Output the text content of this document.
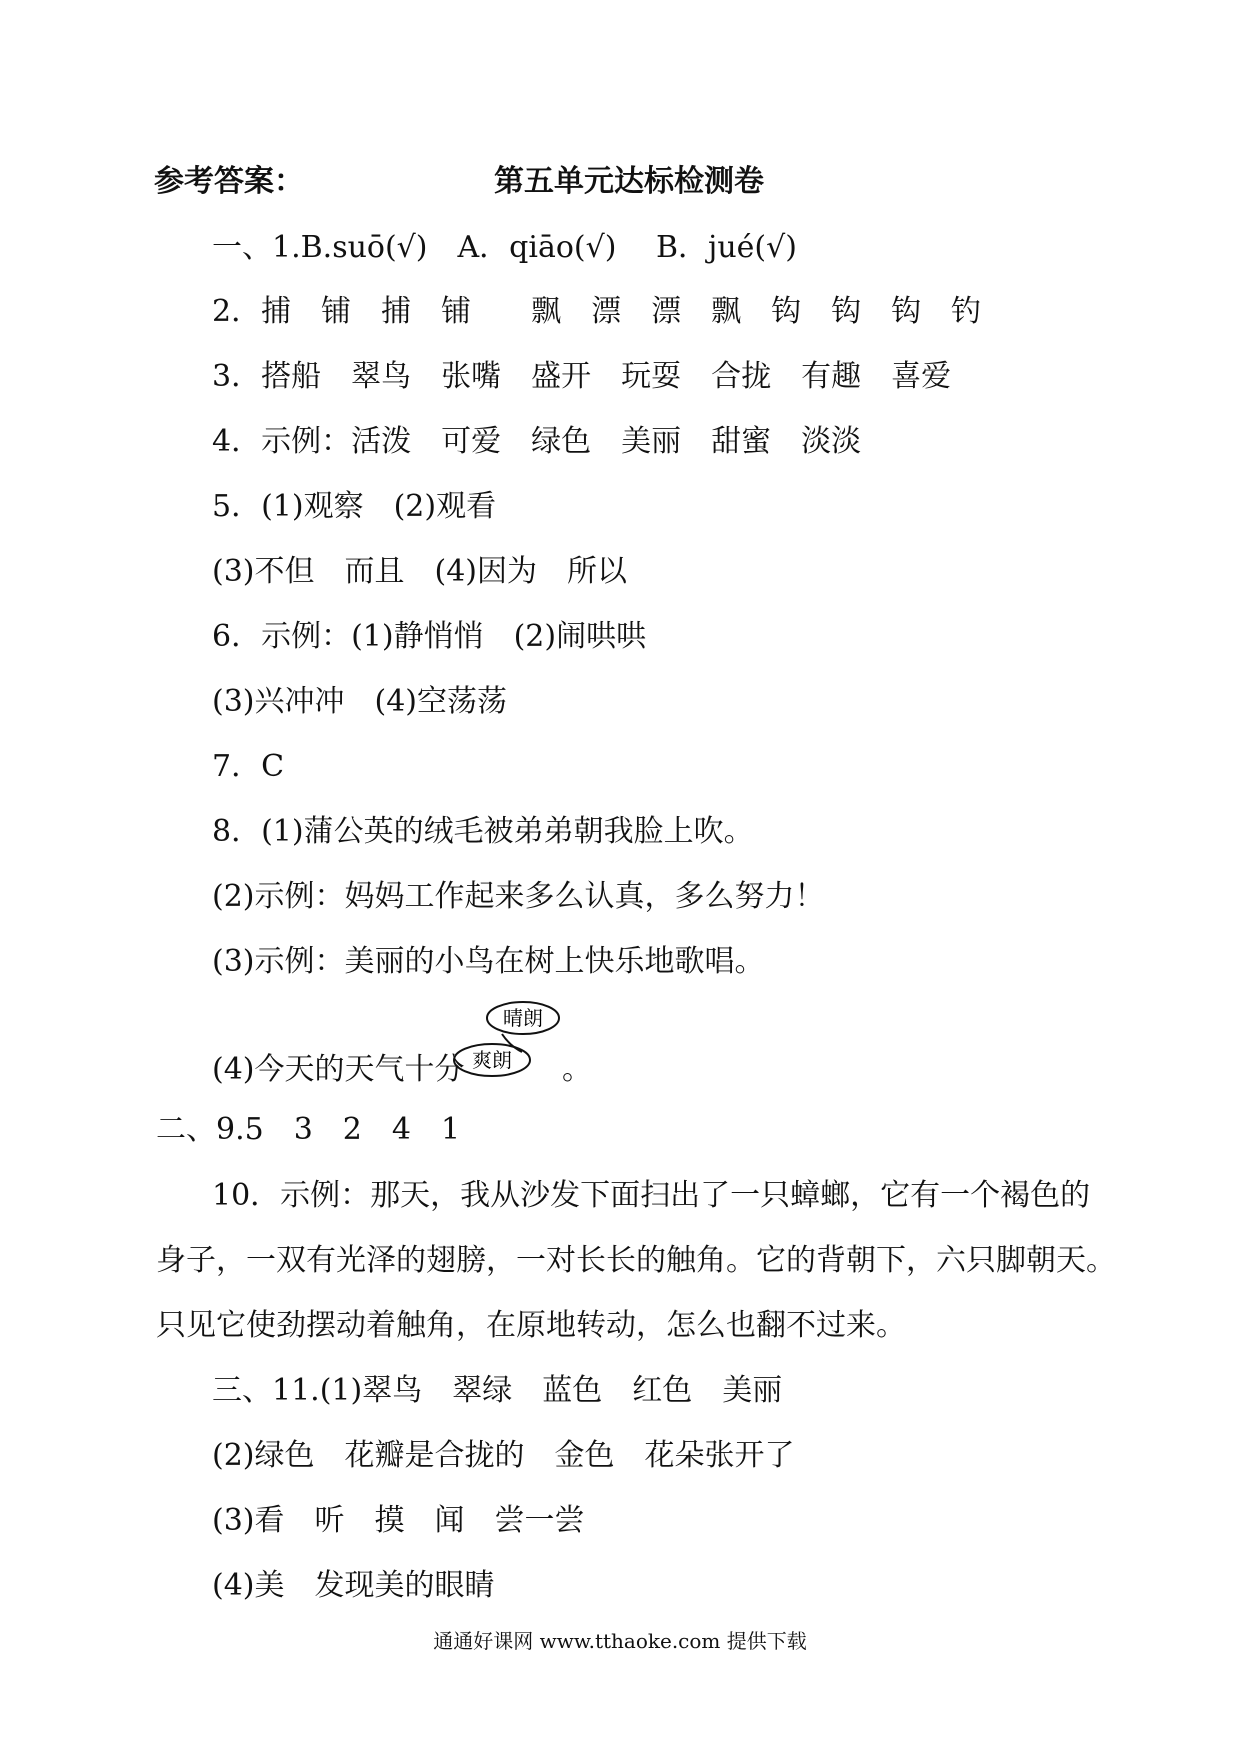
参考答案：	第五单元达标检测卷
一、1.B.suō(√)　A．qiāo(√)　 B．jué(√)
2．捕　铺　捕　铺　　飘　漂　漂　飘　钩　钩　钩　钓
3．搭船　翠鸟　张嘴　盛开　玩耍　合拢　有趣　喜爱
4．示例：活泼　可爱　绿色　美丽　甜蜜　淡淡
5．(1)观察　(2)观看
(3)不但　而且　(4)因为　所以
6．示例：(1)静悄悄　(2)闹哄哄
(3)兴冲冲　(4)空荡荡
7．C
8．(1)蒲公英的绒毛被弟弟朝我脸上吹。
(2)示例：妈妈工作起来多么认真，多么努力！
(3)示例：美丽的小鸟在树上快乐地歌唱。
(4)今天的天气十分	。
晴朗
爽朗
二、9.5　3　2　4　1
10．示例：那天，我从沙发下面扫出了一只蟑螂，它有一个褐色的
身子，一双有光泽的翅膀，一对长长的触角。它的背朝下，六只脚朝天。
只见它使劲摆动着触角，在原地转动，怎么也翻不过来。
三、11.(1)翠鸟　翠绿　蓝色　红色　美丽
(2)绿色　花瓣是合拢的　金色　花朵张开了
(3)看　听　摸　闻　尝一尝
(4)美　发现美的眼睛
通通好课网 www.tthaoke.com 提供下载
